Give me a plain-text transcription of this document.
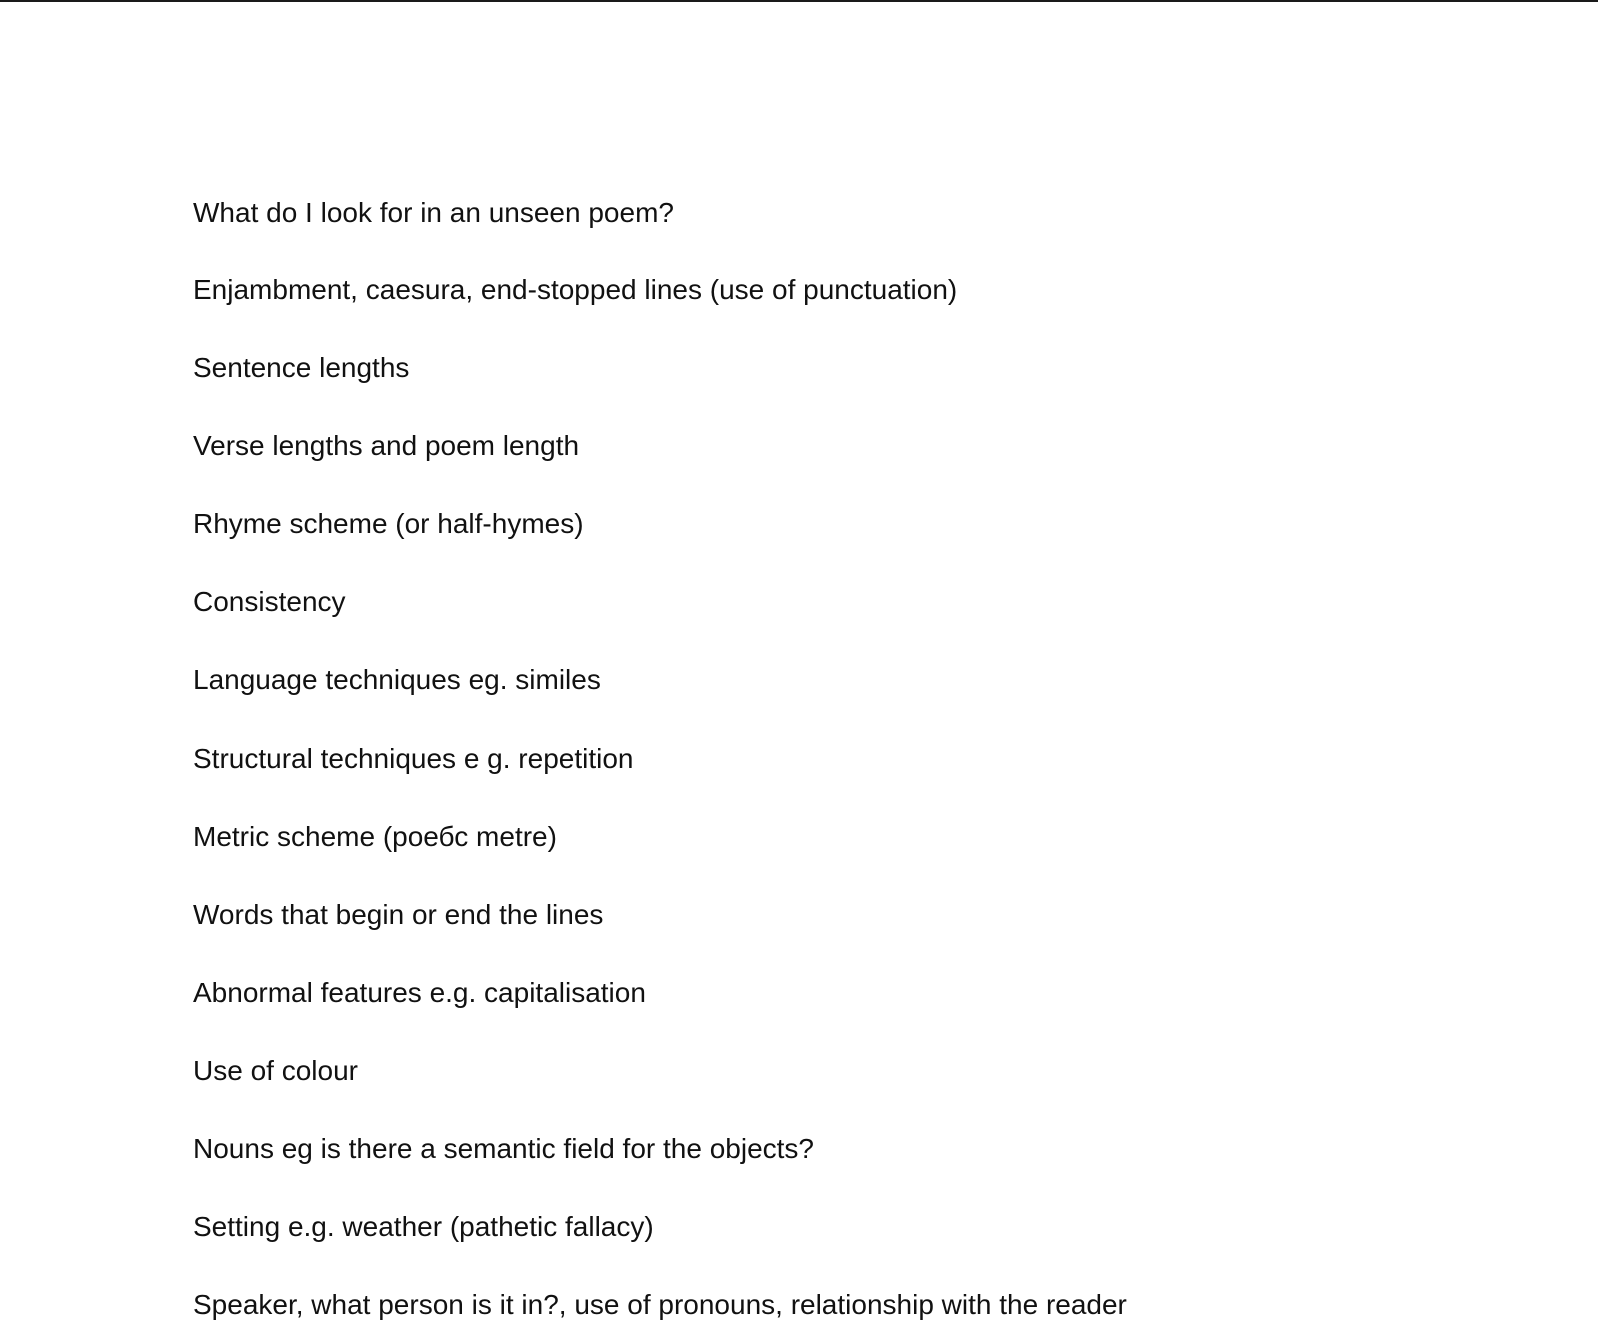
What do I look for in an unseen poem?

Enjambment, caesura, end-stopped lines (use of punctuation)

Sentence lengths

Verse lengths and poem length

Rhyme scheme (or half-hymes)

Consistency

Language techniques eg. similes

Structural techniques e g. repetition

Metric scheme (роебс metre)

Words that begin or end the lines

Abnormal features e.g. capitalisation

Use of colour

Nouns eg is there a semantic field for the objects?

Setting e.g. weather (pathetic fallacy)

Speaker, what person is it in?, use of pronouns, relationship with the reader
